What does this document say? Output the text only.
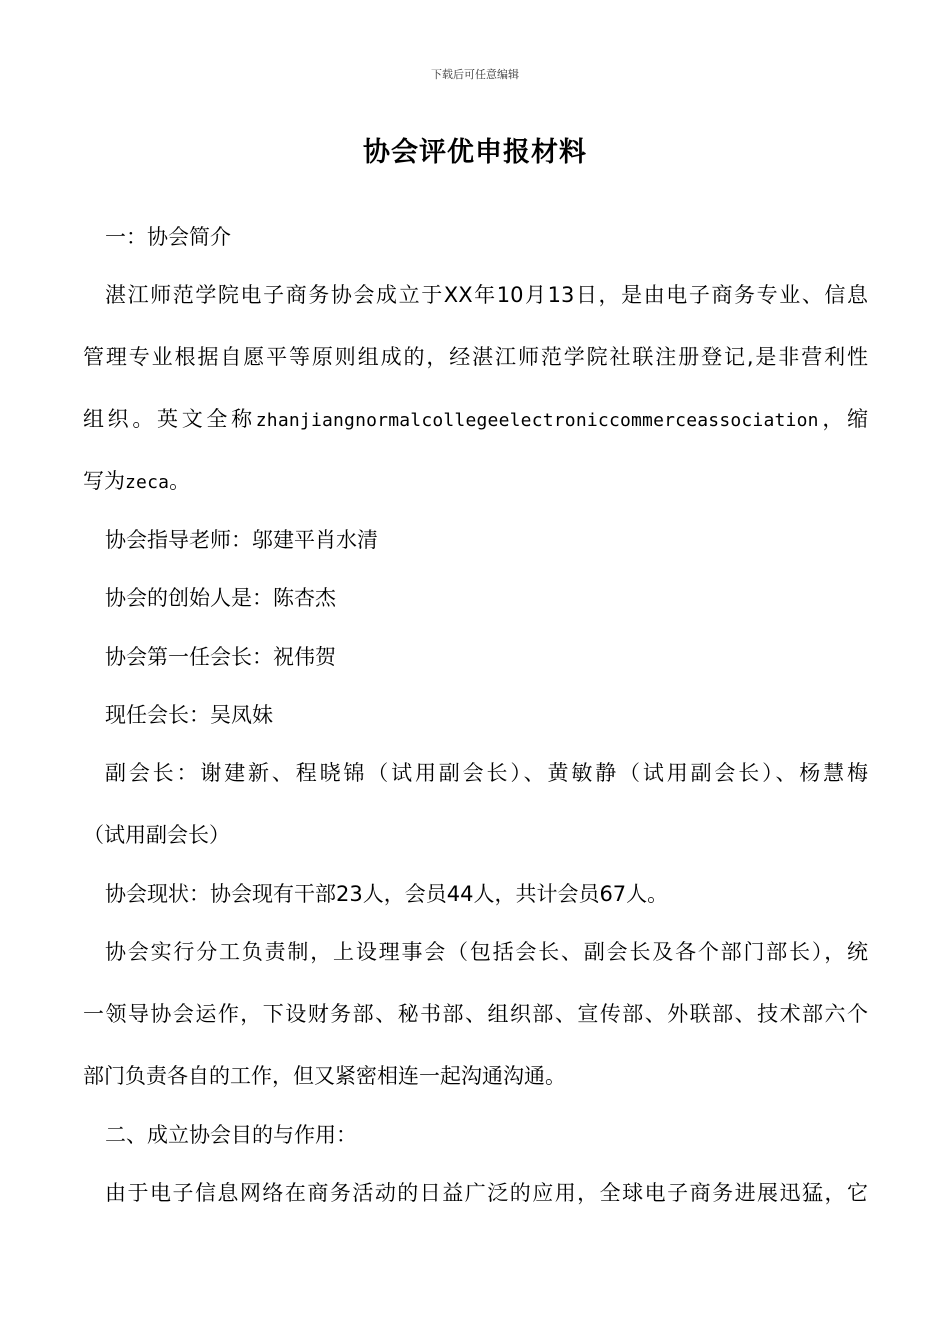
下载后可任意编辑
协会评优申报材料
一：协会简介
湛江师范学院电子商务协会成立于XX年10月13日，是由电子商务专业、信息
管理专业根据自愿平等原则组成的，经湛江师范学院社联注册登记,是非营利性
组织。英文全称zhanjiangnormalcollegeelectroniccommerceassociation，缩
写为zeca。
协会指导老师：邬建平肖水清
协会的创始人是：陈杏杰
协会第一任会长：祝伟贺
现任会长：吴凤妹
副会长：谢建新、程晓锦（试用副会长）、黄敏静（试用副会长）、杨慧梅
（试用副会长）
协会现状：协会现有干部23人，会员44人，共计会员67人。
协会实行分工负责制，上设理事会（包括会长、副会长及各个部门部长），统
一领导协会运作，下设财务部、秘书部、组织部、宣传部、外联部、技术部六个
部门负责各自的工作，但又紧密相连一起沟通沟通。
二、成立协会目的与作用：
由于电子信息网络在商务活动的日益广泛的应用，全球电子商务进展迅猛，它
